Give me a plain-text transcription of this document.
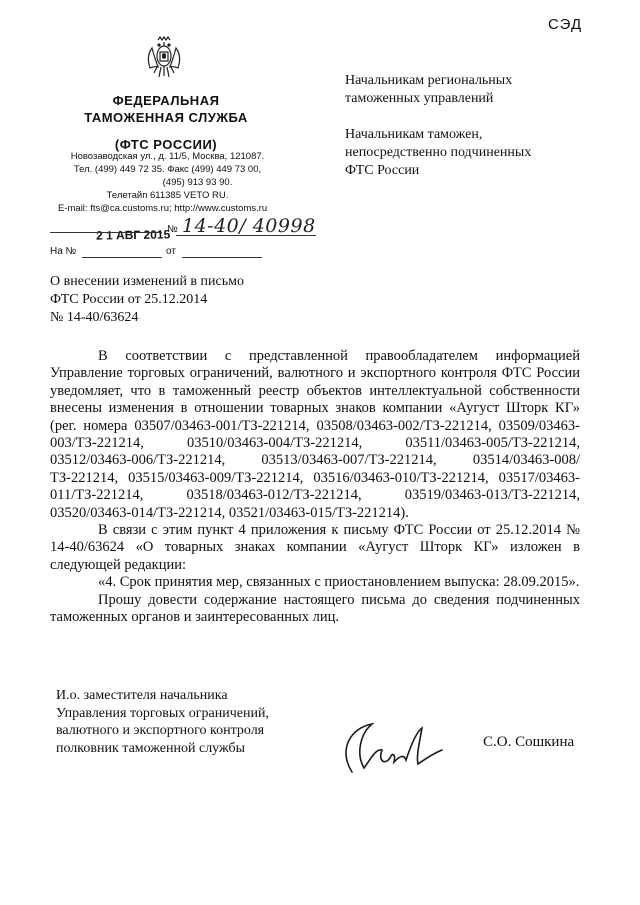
СЭД
ФЕДЕРАЛЬНАЯ
ТАМОЖЕННАЯ СЛУЖБА
(ФТС РОССИИ)
Новозаводская ул., д. 11/5, Москва, 121087.
Тел. (499) 449 72 35. Факс (499) 449 73 00,
(495) 913 93 90.
Телетайп 611385 VETO RU.
E-mail: fts@ca.customs.ru; http://www.customs.ru
Начальникам региональных
таможенных управлений
Начальникам таможен,
непосредственно подчиненных
ФТС России
2 1 АВГ 2015
№ 14-40/ 40998
На №	от
О внесении изменений в письмо
ФТС России от 25.12.2014
№ 14-40/63624

В соответствии с представленной правообладателем информацией Управление торговых ограничений, валютного и экспортного контроля ФТС России уведомляет, что в таможенный реестр объектов интеллектуальной собственности внесены изменения в отношении товарных знаков компании «Аугуст Шторк КГ» (рег. номера 03507/03463-001/ТЗ-221214, 03508/03463-002/ТЗ-221214, 03509/03463-003/ТЗ-221214, 03510/03463-004/ТЗ-221214, 03511/03463-005/ТЗ-221214, 03512/03463-006/ТЗ-221214, 03513/03463-007/ТЗ-221214, 03514/03463-008/ТЗ-221214, 03515/03463-009/ТЗ-221214, 03516/03463-010/ТЗ-221214, 03517/03463-011/ТЗ-221214, 03518/03463-012/ТЗ-221214, 03519/03463-013/ТЗ-221214, 03520/03463-014/ТЗ-221214, 03521/03463-015/ТЗ-221214).

В связи с этим пункт 4 приложения к письму ФТС России от 25.12.2014 № 14-40/63624 «О товарных знаках компании «Аугуст Шторк КГ» изложен в следующей редакции:

«4. Срок принятия мер, связанных с приостановлением выпуска: 28.09.2015».

Прошу довести содержание настоящего письма до сведения подчиненных таможенных органов и заинтересованных лиц.

И.о. заместителя начальника
Управления торговых ограничений,
валютного и экспортного контроля
полковник таможенной службы	С.О. Сошкина
